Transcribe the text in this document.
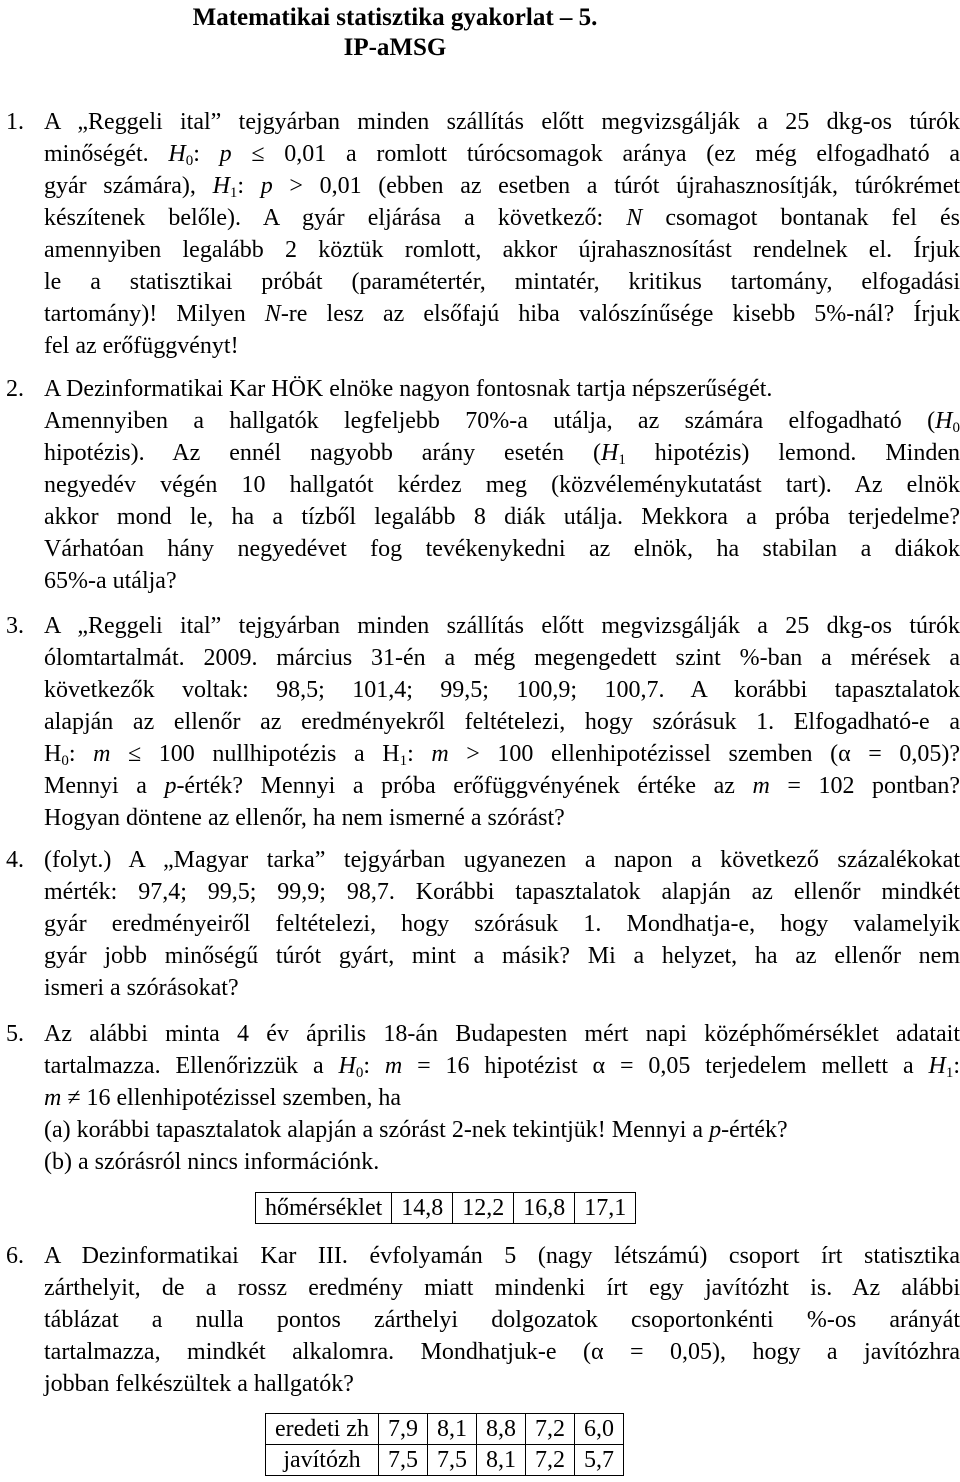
Matematikai statisztika gyakorlat – 5.
IP-aMSG
1. A „Reggeli ital” tejgyárban minden szállítás előtt megvizsgálják a 25 dkg-os túrók
minőségét. $H_0$: p ≤ 0,01 a romlott túrócsomagok aránya (ez még elfogadható a
gyár számára), $H_1$: p > 0,01 (ebben az esetben a túrót újrahasznosítják, túrókrémet
készítenek belőle). A gyár eljárása a következő: N csomagot bontanak fel és
amennyiben legalább 2 köztük romlott, akkor újrahasznosítást rendelnek el. Írjuk
le a statisztikai próbát (paramétertér, mintatér, kritikus tartomány, elfogadási
tartomány)! Milyen N-re lesz az elsőfajú hiba valószínűsége kisebb 5%-nál? Írjuk
fel az erőfüggvényt!
2. A Dezinformatikai Kar HÖK elnöke nagyon fontosnak tartja népszerűségét.
Amennyiben a hallgatók legfeljebb 70%-a utálja, az számára elfogadható ($H_0$
hipotézis). Az ennél nagyobb arány esetén ($H_1$ hipotézis) lemond. Minden
negyedév végén 10 hallgatót kérdez meg (közvéleménykutatást tart). Az elnök
akkor mond le, ha a tízből legalább 8 diák utálja. Mekkora a próba terjedelme?
Várhatóan hány negyedévet fog tevékenykedni az elnök, ha stabilan a diákok
65%-a utálja?
3. A „Reggeli ital” tejgyárban minden szállítás előtt megvizsgálják a 25 dkg-os túrók
ólomtartalmát. 2009. március 31-én a még megengedett szint %-ban a mérések a
következők voltak: 98,5; 101,4; 99,5; 100,9; 100,7. A korábbi tapasztalatok
alapján az ellenőr az eredményekről feltételezi, hogy szórásuk 1. Elfogadható-e a
$H_0$: m ≤ 100 nullhipotézis a $H_1$: m > 100 ellenhipotézissel szemben (α = 0,05)?
Mennyi a p-érték? Mennyi a próba erőfüggvényének értéke az m = 102 pontban?
Hogyan döntene az ellenőr, ha nem ismerné a szórást?
4. (folyt.) A „Magyar tarka” tejgyárban ugyanezen a napon a következő százalékokat
mérték: 97,4; 99,5; 99,9; 98,7. Korábbi tapasztalatok alapján az ellenőr mindkét
gyár eredményeiről feltételezi, hogy szórásuk 1. Mondhatja-e, hogy valamelyik
gyár jobb minőségű túrót gyárt, mint a másik? Mi a helyzet, ha az ellenőr nem
ismeri a szórásokat?
5. Az alábbi minta 4 év április 18-án Budapesten mért napi középhőmérséklet adatait
tartalmazza. Ellenőrizzük a $H_0$: m = 16 hipotézist α = 0,05 terjedelem mellett a $H_1$:
m ≠ 16 ellenhipotézissel szemben, ha
(a) korábbi tapasztalatok alapján a szórást 2-nek tekintjük! Mennyi a p-érték?
(b) a szórásról nincs információnk.
hőmérséklet	14,8	12,2	16,8	17,1
6. A Dezinformatikai Kar III. évfolyamán 5 (nagy létszámú) csoport írt statisztika
zárthelyit, de a rossz eredmény miatt mindenki írt egy javítózht is. Az alábbi
táblázat a nulla pontos zárthelyi dolgozatok csoportonkénti %-os arányát
tartalmazza, mindkét alkalomra. Mondhatjuk-e (α = 0,05), hogy a javítózhra
jobban felkészültek a hallgatók?
eredeti zh	7,9	8,1	8,8	7,2	6,0
javítózh	7,5	7,5	8,1	7,2	5,7
